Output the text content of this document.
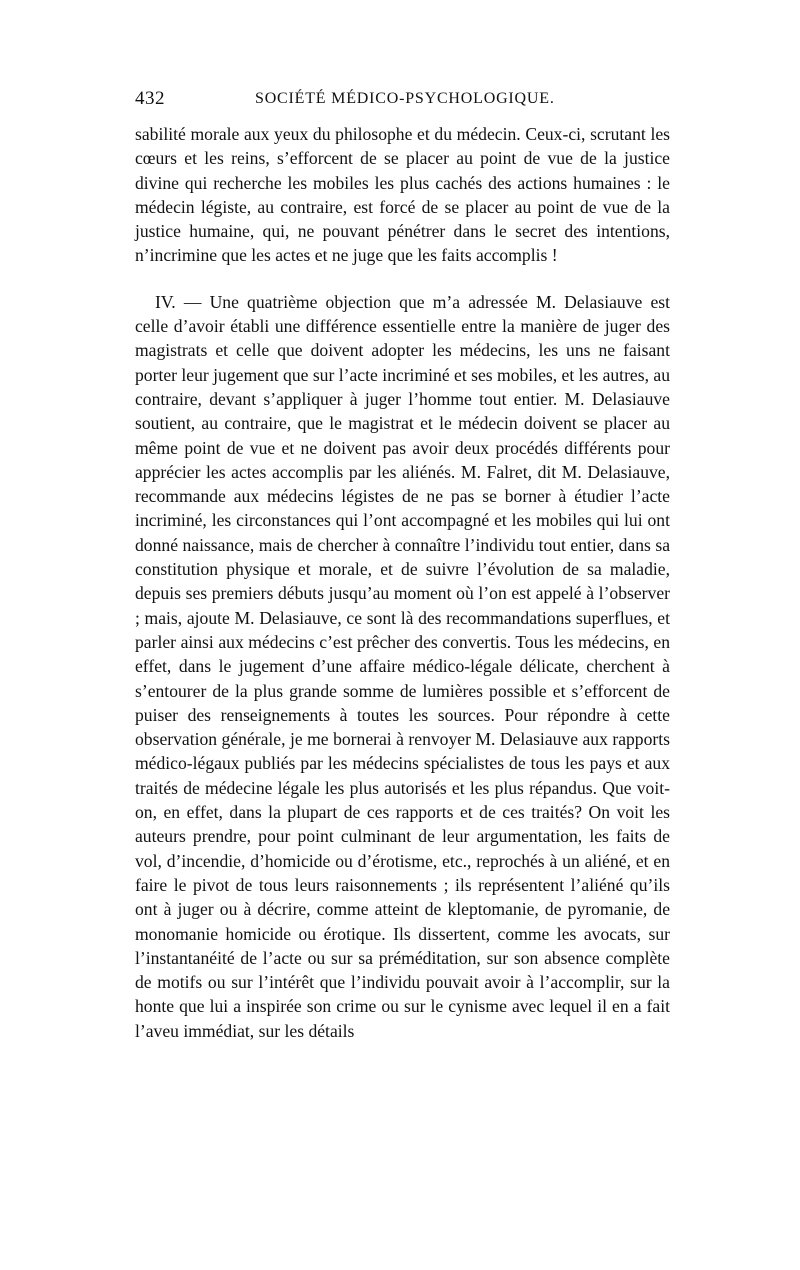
432	SOCIÉTÉ MÉDICO-PSYCHOLOGIQUE.

sabilité morale aux yeux du philosophe et du médecin. Ceux-ci, scrutant les cœurs et les reins, s’efforcent de se placer au point de vue de la justice divine qui recherche les mobiles les plus cachés des actions humaines : le médecin légiste, au contraire, est forcé de se placer au point de vue de la justice humaine, qui, ne pouvant pénétrer dans le secret des intentions, n’incrimine que les actes et ne juge que les faits accomplis !

IV. — Une quatrième objection que m’a adressée M. Delasiauve est celle d’avoir établi une différence essentielle entre la manière de juger des magistrats et celle que doivent adopter les médecins, les uns ne faisant porter leur jugement que sur l’acte incriminé et ses mobiles, et les autres, au contraire, devant s’appliquer à juger l’homme tout entier. M. Delasiauve soutient, au contraire, que le magistrat et le médecin doivent se placer au même point de vue et ne doivent pas avoir deux procédés différents pour apprécier les actes accomplis par les aliénés. M. Falret, dit M. Delasiauve, recommande aux médecins légistes de ne pas se borner à étudier l’acte incriminé, les circonstances qui l’ont accompagné et les mobiles qui lui ont donné naissance, mais de chercher à connaître l’individu tout entier, dans sa constitution physique et morale, et de suivre l’évolution de sa maladie, depuis ses premiers débuts jusqu’au moment où l’on est appelé à l’observer ; mais, ajoute M. Delasiauve, ce sont là des recommandations superflues, et parler ainsi aux médecins c’est prêcher des convertis. Tous les médecins, en effet, dans le jugement d’une affaire médico-légale délicate, cherchent à s’entourer de la plus grande somme de lumières possible et s’efforcent de puiser des renseignements à toutes les sources. Pour répondre à cette observation générale, je me bornerai à renvoyer M. Delasiauve aux rapports médico-légaux publiés par les médecins spécialistes de tous les pays et aux traités de médecine légale les plus autorisés et les plus répandus. Que voit-on, en effet, dans la plupart de ces rapports et de ces traités? On voit les auteurs prendre, pour point culminant de leur argumentation, les faits de vol, d’incendie, d’homicide ou d’érotisme, etc., reprochés à un aliéné, et en faire le pivot de tous leurs raisonnements ; ils représentent l’aliéné qu’ils ont à juger ou à décrire, comme atteint de kleptomanie, de pyromanie, de monomanie homicide ou érotique. Ils dissertent, comme les avocats, sur l’instantanéité de l’acte ou sur sa préméditation, sur son absence complète de motifs ou sur l’intérêt que l’individu pouvait avoir à l’accomplir, sur la honte que lui a inspirée son crime ou sur le cynisme avec lequel il en a fait l’aveu immédiat, sur les détails
